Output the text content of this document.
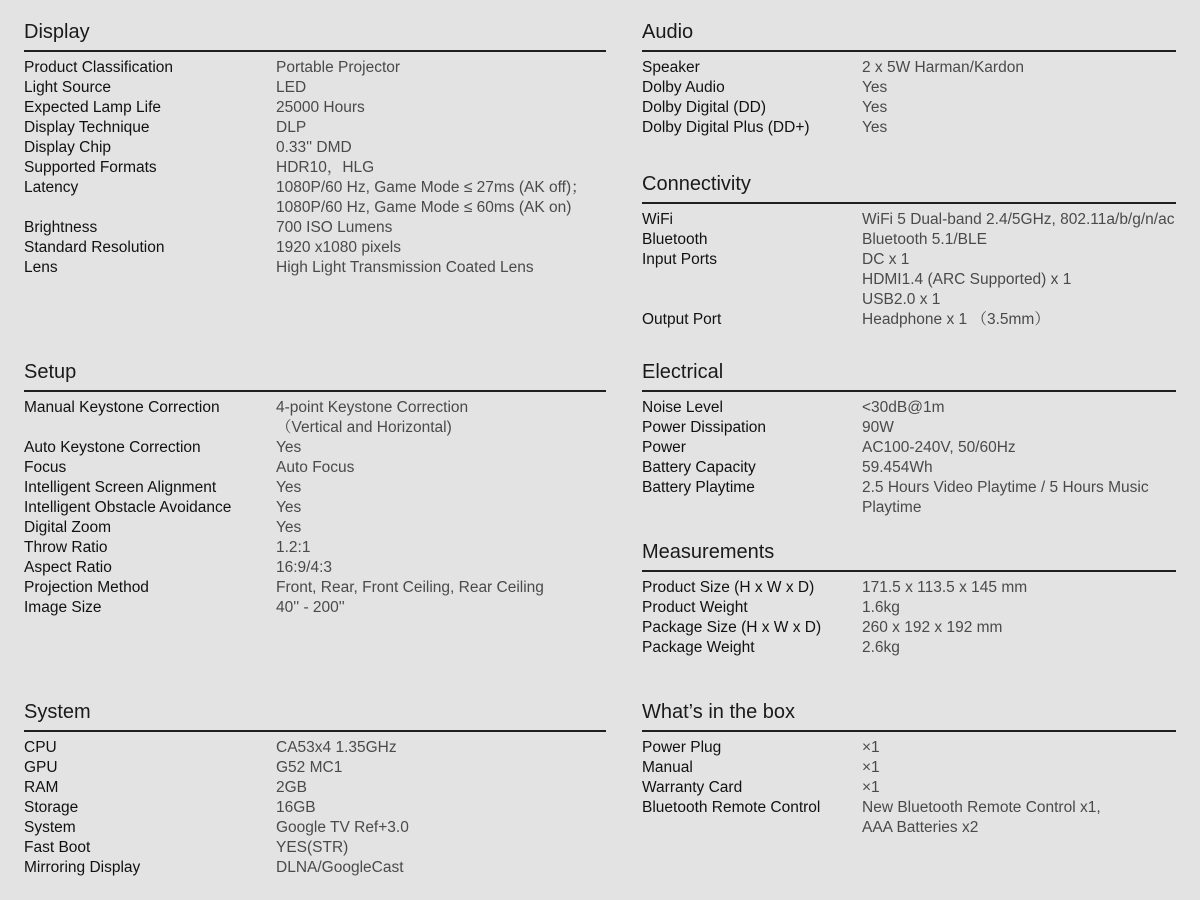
Display
Product Classification	Portable Projector
Light Source	LED
Expected Lamp Life	25000 Hours
Display Technique	DLP
Display Chip	0.33'' DMD
Supported Formats	HDR10，HLG
Latency	1080P/60 Hz, Game Mode ≤ 27ms (AK off)；
1080P/60 Hz, Game Mode ≤ 60ms (AK on)
Brightness	700 ISO Lumens
Standard Resolution	1920 x1080 pixels
Lens	High Light Transmission Coated Lens
Setup
Manual Keystone Correction	4-point Keystone Correction
（Vertical and Horizontal)
Auto Keystone Correction	Yes
Focus	Auto Focus
Intelligent Screen Alignment	Yes
Intelligent Obstacle Avoidance	Yes
Digital Zoom	Yes
Throw Ratio	1.2:1
Aspect Ratio	16:9/4:3
Projection Method	Front, Rear, Front Ceiling, Rear Ceiling
Image Size	40'' - 200''
System
CPU	CA53x4 1.35GHz
GPU	G52 MC1
RAM	2GB
Storage	16GB
System	Google TV Ref+3.0
Fast Boot	YES(STR)
Mirroring Display	DLNA/GoogleCast
Audio
Speaker	2 x 5W Harman/Kardon
Dolby Audio	Yes
Dolby Digital (DD)	Yes
Dolby Digital Plus (DD+)	Yes
Connectivity
WiFi	WiFi 5 Dual-band 2.4/5GHz, 802.11a/b/g/n/ac
Bluetooth	Bluetooth 5.1/BLE
Input Ports	DC x 1
HDMI1.4 (ARC Supported) x 1
USB2.0 x 1
Output Port	Headphone x 1 （3.5mm）
Electrical
Noise Level	<30dB@1m
Power Dissipation	90W
Power	AC100-240V, 50/60Hz
Battery Capacity	59.454Wh
Battery Playtime	2.5 Hours Video Playtime / 5 Hours Music Playtime
Measurements
Product Size (H x W x D)	171.5 x 113.5 x 145 mm
Product Weight	1.6kg
Package Size (H x W x D)	260 x 192 x 192 mm
Package Weight	2.6kg
What’s in the box
Power Plug	×1
Manual	×1
Warranty Card	×1
Bluetooth Remote Control	New Bluetooth Remote Control x1,
AAA Batteries x2
